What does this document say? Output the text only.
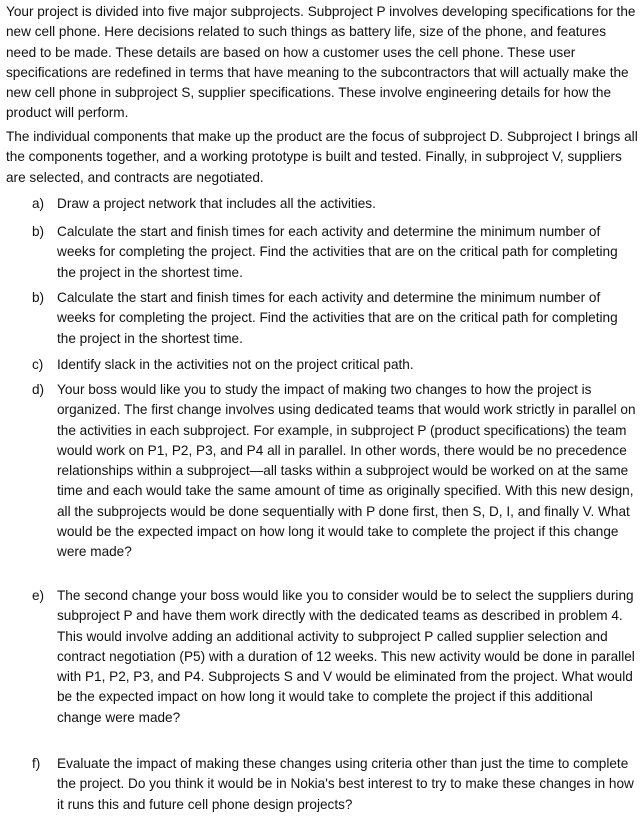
Your project is divided into five major subprojects. Subproject P involves developing specifications for the new cell phone. Here decisions related to such things as battery life, size of the phone, and features need to be made. These details are based on how a customer uses the cell phone. These user specifications are redefined in terms that have meaning to the subcontractors that will actually make the new cell phone in subproject S, supplier specifications. These involve engineering details for how the product will perform.

The individual components that make up the product are the focus of subproject D. Subproject I brings all the components together, and a working prototype is built and tested. Finally, in subproject V, suppliers are selected, and contracts are negotiated.

a) Draw a project network that includes all the activities.

b) Calculate the start and finish times for each activity and determine the minimum number of weeks for completing the project. Find the activities that are on the critical path for completing the project in the shortest time.

b) Calculate the start and finish times for each activity and determine the minimum number of weeks for completing the project. Find the activities that are on the critical path for completing the project in the shortest time.

c)	Identify slack in the activities not on the project critical path.

d) Your boss would like you to study the impact of making two changes to how the project is organized. The first change involves using dedicated teams that would work strictly in parallel on the activities in each subproject. For example, in subproject P (product specifications) the team would work on P1, P2, P3, and P4 all in parallel. In other words, there would be no precedence relationships within a subproject—all tasks within a subproject would be worked on at the same time and each would take the same amount of time as originally specified. With this new design, all the subprojects would be done sequentially with P done first, then S, D, I, and finally V. What would be the expected impact on how long it would take to complete the project if this change were made?

e) The second change your boss would like you to consider would be to select the suppliers during subproject P and have them work directly with the dedicated teams as described in problem 4. This would involve adding an additional activity to subproject P called supplier selection and contract negotiation (P5) with a duration of 12 weeks. This new activity would be done in parallel with P1, P2, P3, and P4. Subprojects S and V would be eliminated from the project. What would be the expected impact on how long it would take to complete the project if this additional change were made?

f)	Evaluate the impact of making these changes using criteria other than just the time to complete the project. Do you think it would be in Nokia's best interest to try to make these changes in how it runs this and future cell phone design projects?
